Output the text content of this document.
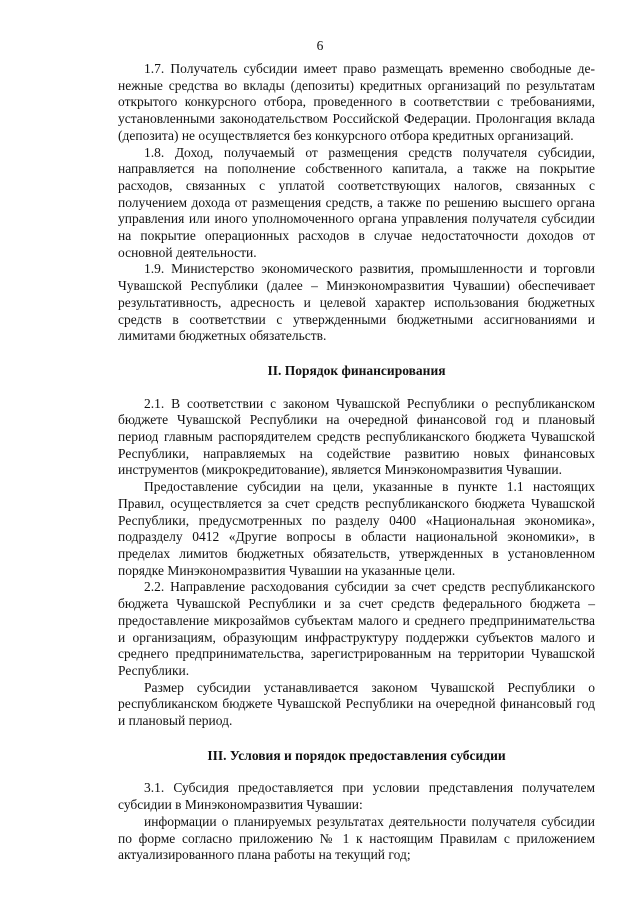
6

1.7. Получатель субсидии имеет право размещать временно свободные денежные средства во вклады (депозиты) кредитных организаций по результатам открытого конкурсного отбора, проведенного в соответствии с требованиями, установленными законодательством Российской Федерации. Пролонгация вклада (депозита) не осуществляется без конкурсного отбора кредитных организаций.

1.8. Доход, получаемый от размещения средств получателя субсидии, направляется на пополнение собственного капитала, а также на покрытие расходов, связанных с уплатой соответствующих налогов, связанных с получением дохода от размещения средств, а также по решению высшего органа управления или иного уполномоченного органа управления получателя субсидии на покрытие операционных расходов в случае недостаточности доходов от основной деятельности.

1.9. Министерство экономического развития, промышленности и торговли Чувашской Республики (далее – Минэкономразвития Чувашии) обеспечивает результативность, адресность и целевой характер использования бюджетных средств в соответствии с утвержденными бюджетными ассигнованиями и лимитами бюджетных обязательств.

II. Порядок финансирования

2.1. В соответствии с законом Чувашской Республики о республиканском бюджете Чувашской Республики на очередной финансовой год и плановый период главным распорядителем средств республиканского бюджета Чувашской Республики, направляемых на содействие развитию новых финансовых инструментов (микрокредитование), является Минэкономразвития Чувашии.

Предоставление субсидии на цели, указанные в пункте 1.1 настоящих Правил, осуществляется за счет средств республиканского бюджета Чувашской Республики, предусмотренных по разделу 0400 «Национальная экономика», подразделу 0412 «Другие вопросы в области национальной экономики», в пределах лимитов бюджетных обязательств, утвержденных в установленном порядке Минэкономразвития Чувашии на указанные цели.

2.2. Направление расходования субсидии за счет средств республиканского бюджета Чувашской Республики и за счет средств федерального бюджета – предоставление микрозаймов субъектам малого и среднего предпринимательства и организациям, образующим инфраструктуру поддержки субъектов малого и среднего предпринимательства, зарегистрированным на территории Чувашской Республики.

Размер субсидии устанавливается законом Чувашской Республики о республиканском бюджете Чувашской Республики на очередной финансовый год и плановый период.

III. Условия и порядок предоставления субсидии

3.1. Субсидия предоставляется при условии представления получателем субсидии в Минэкономразвития Чувашии:

информации о планируемых результатах деятельности получателя субсидии по форме согласно приложению № 1 к настоящим Правилам с приложением актуализированного плана работы на текущий год;
